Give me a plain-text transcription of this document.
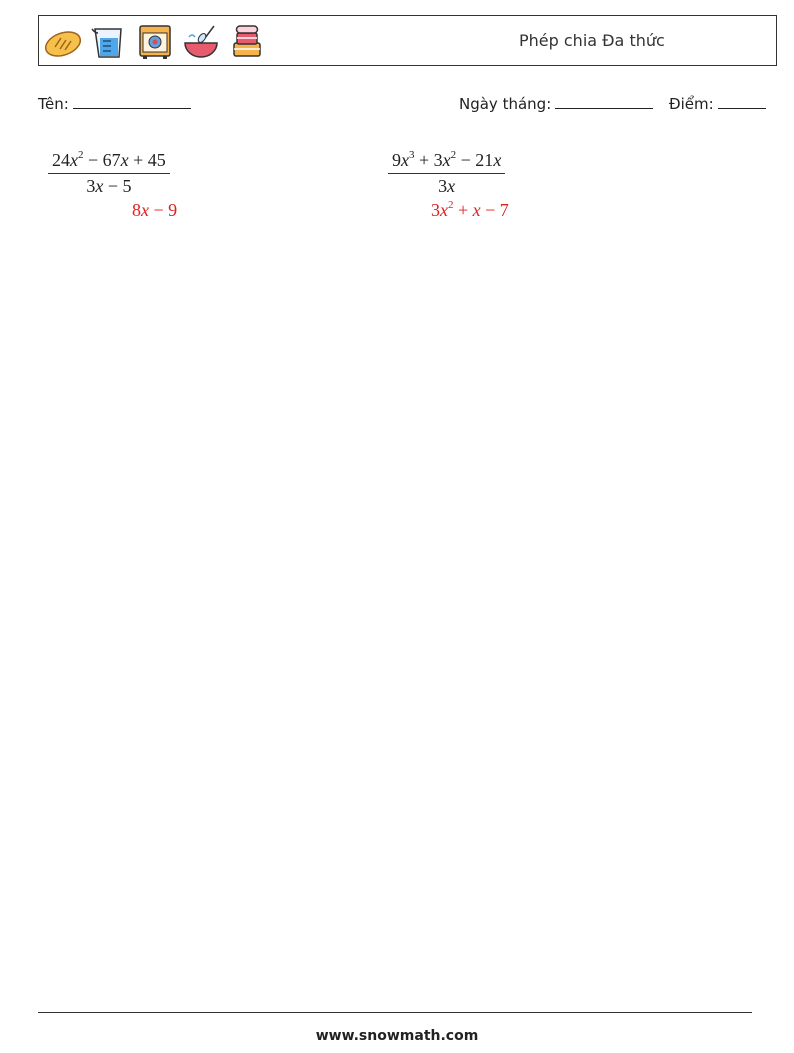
Phép chia Đa thức
Tên:	Ngày tháng:	Điểm:
$\frac{24x^2 - 67x + 45}{3x - 5}$
8x − 9
$\frac{9x^3 + 3x^2 - 21x}{3x}$
$3x^2 + x - 7$
www.snowmath.com
